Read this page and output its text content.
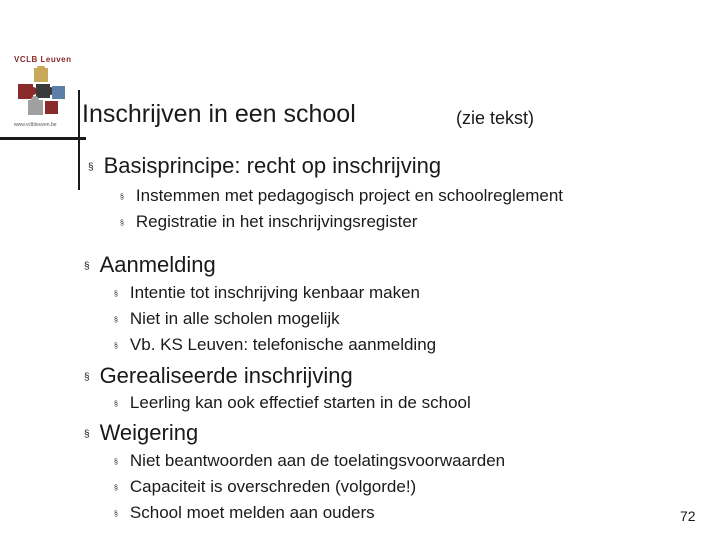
VCLB Leuven
www.vclbleuven.be Inschrijven in een school	(zie tekst)
§ Basisprincipe: recht op inschrijving
§ Instemmen met pedagogisch project en schoolreglement
§ Registratie in het inschrijvingsregister
§ Aanmelding
§ Intentie tot inschrijving kenbaar maken
§ Niet in alle scholen mogelijk
§ Vb. KS Leuven: telefonische aanmelding
§ Gerealiseerde inschrijving
§ Leerling kan ook effectief starten in de school
§ Weigering
§ Niet beantwoorden aan de toelatingsvoorwaarden
§ Capaciteit is overschreden (volgorde!)
§ School moet melden aan ouders	72
